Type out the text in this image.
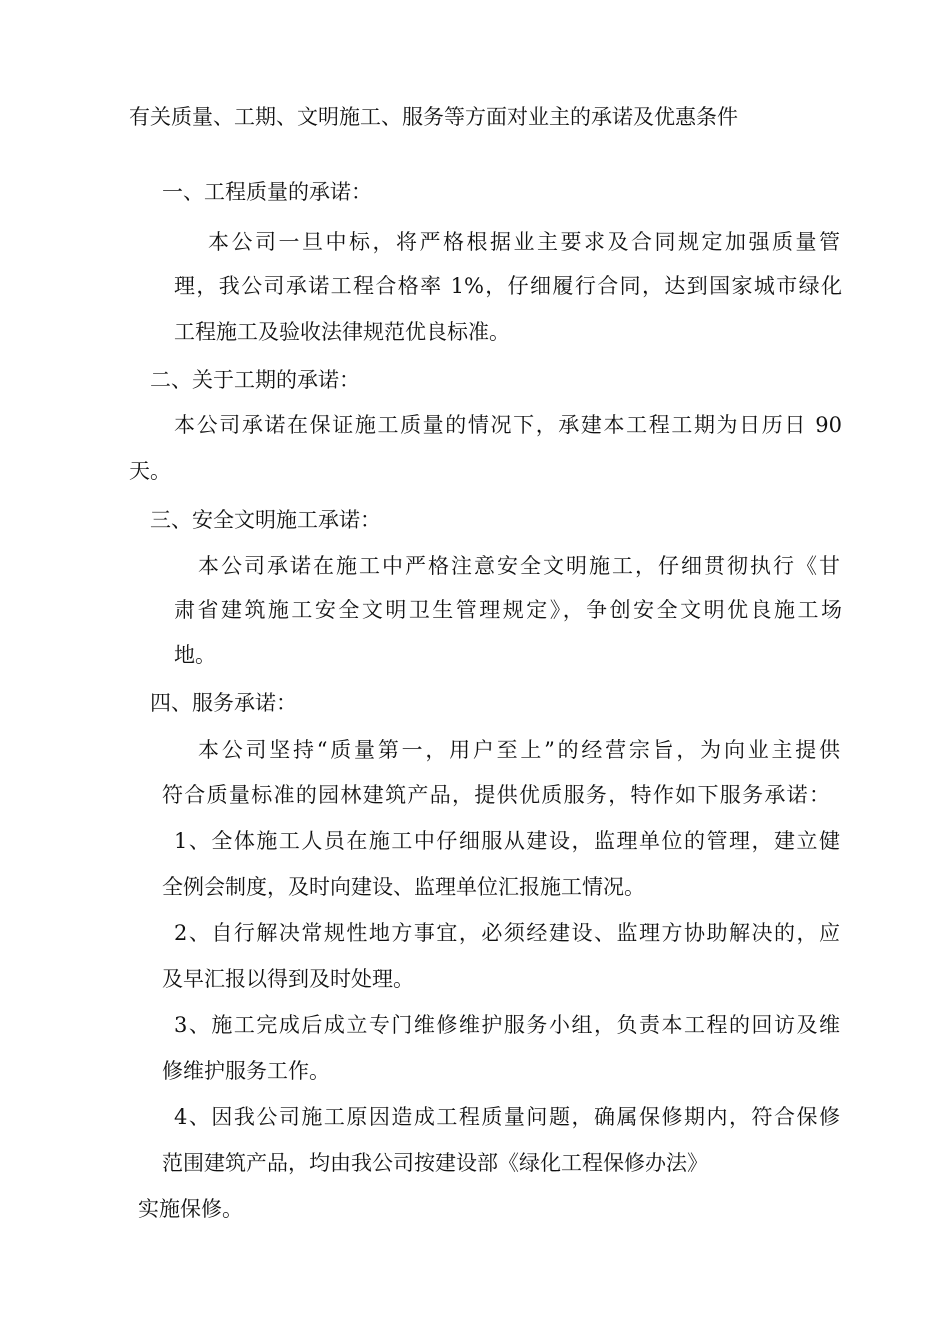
有关质量、工期、文明施工、服务等方面对业主的承诺及优惠条件
一、工程质量的承诺：
本公司一旦中标，将严格根据业主要求及合同规定加强质量管
理，我公司承诺工程合格率 1%，仔细履行合同，达到国家城市绿化
工程施工及验收法律规范优良标准。
二、关于工期的承诺：
本公司承诺在保证施工质量的情况下，承建本工程工期为日历日 90
天。
三、安全文明施工承诺：
本公司承诺在施工中严格注意安全文明施工，仔细贯彻执行《甘
肃省建筑施工安全文明卫生管理规定》，争创安全文明优良施工场
地。
四、服务承诺：
本公司坚持“质量第一，用户至上”的经营宗旨，为向业主提供
符合质量标准的园林建筑产品，提供优质服务，特作如下服务承诺：
1、全体施工人员在施工中仔细服从建设，监理单位的管理，建立健
全例会制度，及时向建设、监理单位汇报施工情况。
2、自行解决常规性地方事宜，必须经建设、监理方协助解决的，应
及早汇报以得到及时处理。
3、施工完成后成立专门维修维护服务小组，负责本工程的回访及维
修维护服务工作。
4、因我公司施工原因造成工程质量问题，确属保修期内，符合保修
范围建筑产品，均由我公司按建设部《绿化工程保修办法》
实施保修。
